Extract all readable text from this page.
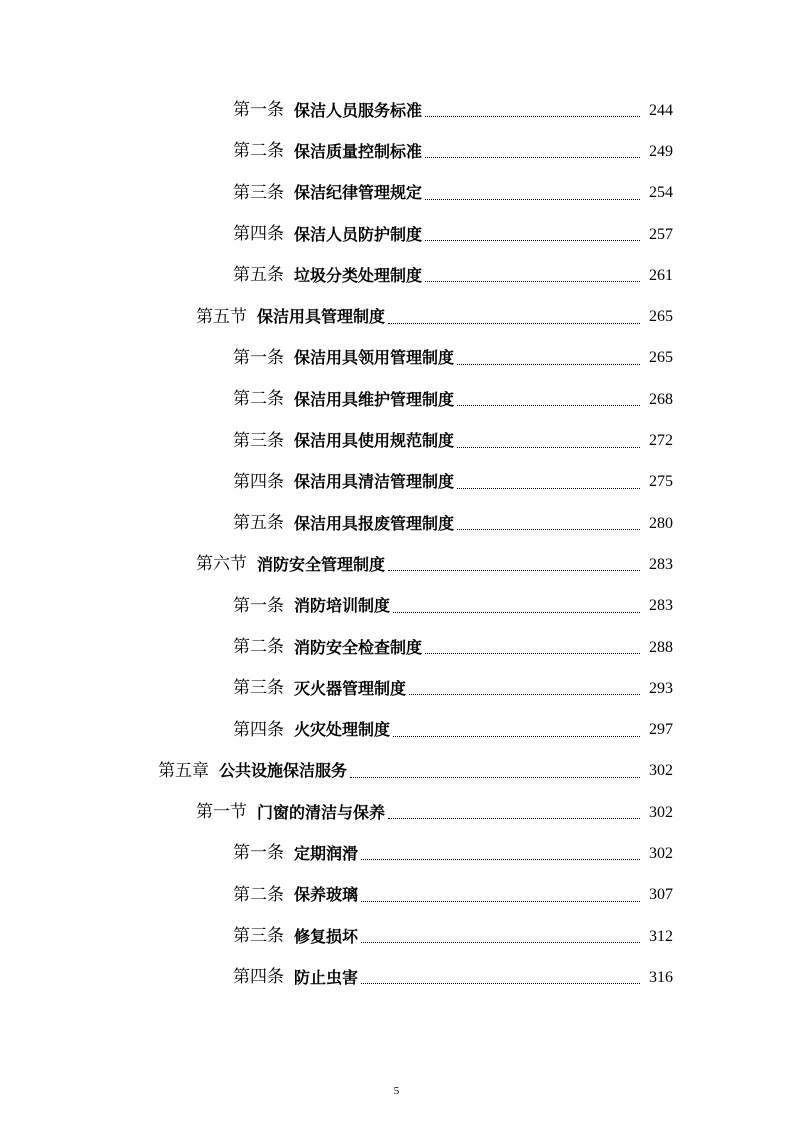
第一条 保洁人员服务标准	244
第二条 保洁质量控制标准	249
第三条 保洁纪律管理规定	254
第四条 保洁人员防护制度	257
第五条 垃圾分类处理制度	261
第五节 保洁用具管理制度	265
第一条 保洁用具领用管理制度	265
第二条 保洁用具维护管理制度	268
第三条 保洁用具使用规范制度	272
第四条 保洁用具清洁管理制度	275
第五条 保洁用具报废管理制度	280
第六节 消防安全管理制度	283
第一条 消防培训制度	283
第二条 消防安全检查制度	288
第三条 灭火器管理制度	293
第四条 火灾处理制度	297
第五章 公共设施保洁服务	302
第一节 门窗的清洁与保养	302
第一条 定期润滑	302
第二条 保养玻璃	307
第三条 修复损坏	312
第四条 防止虫害	316
5
